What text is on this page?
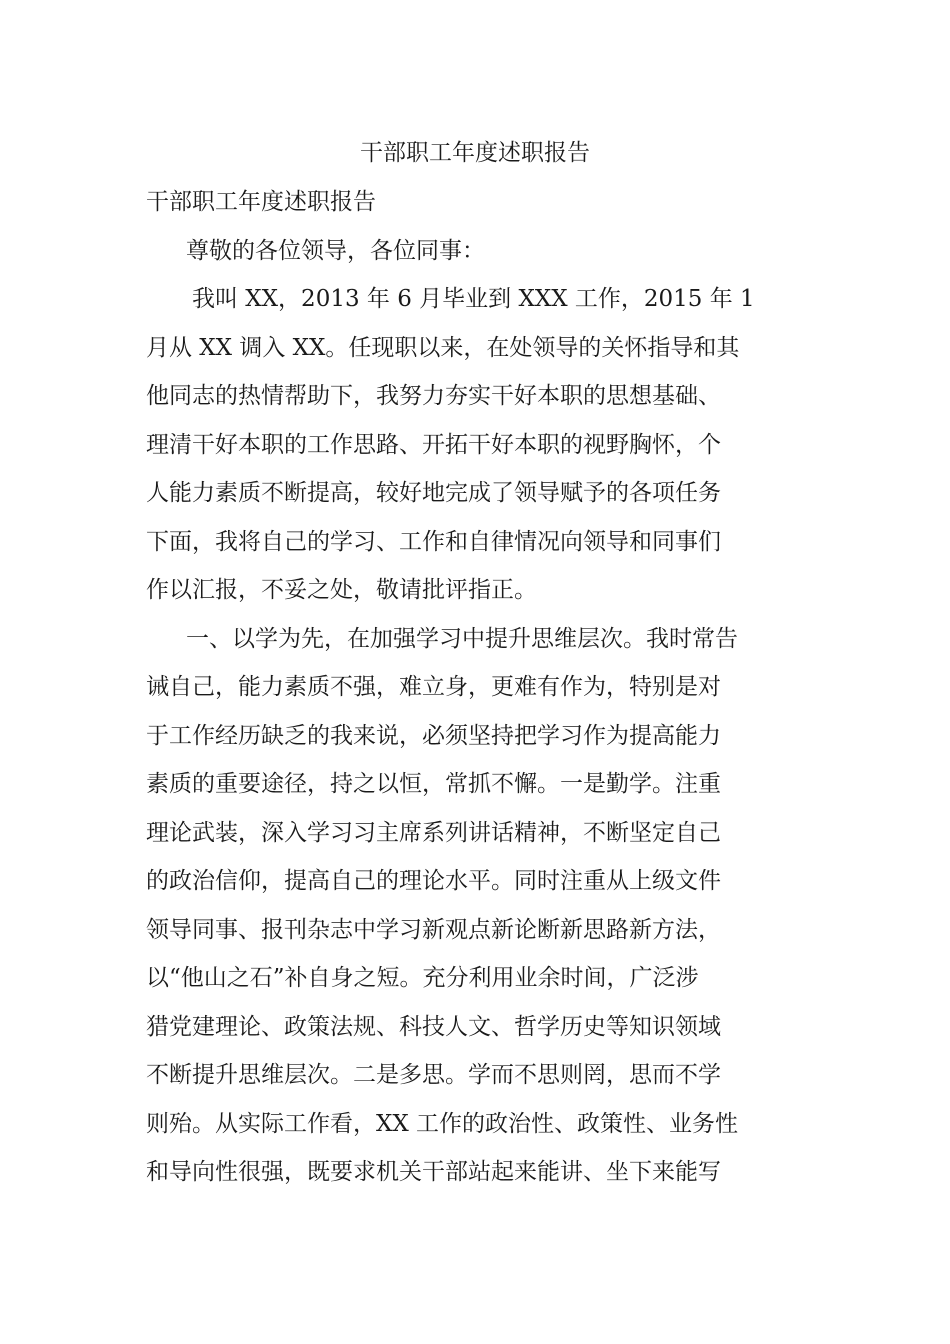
干部职工年度述职报告
干部职工年度述职报告
尊敬的各位领导，各位同事：
我叫 XX，2013 年 6 月毕业到 XXX 工作，2015 年 1
月从 XX 调入 XX。任现职以来，在处领导的关怀指导和其
他同志的热情帮助下，我努力夯实干好本职的思想基础、
理清干好本职的工作思路、开拓干好本职的视野胸怀，个
人能力素质不断提高，较好地完成了领导赋予的各项任务
下面，我将自己的学习、工作和自律情况向领导和同事们
作以汇报，不妥之处，敬请批评指正。
一、以学为先，在加强学习中提升思维层次。我时常告
诫自己，能力素质不强，难立身，更难有作为，特别是对
于工作经历缺乏的我来说，必须坚持把学习作为提高能力
素质的重要途径，持之以恒，常抓不懈。一是勤学。注重
理论武装，深入学习习主席系列讲话精神，不断坚定自己
的政治信仰，提高自己的理论水平。同时注重从上级文件
领导同事、报刊杂志中学习新观点新论断新思路新方法，
以“他山之石”补自身之短。充分利用业余时间，广泛涉
猎党建理论、政策法规、科技人文、哲学历史等知识领域
不断提升思维层次。二是多思。学而不思则罔，思而不学
则殆。从实际工作看，XX 工作的政治性、政策性、业务性
和导向性很强，既要求机关干部站起来能讲、坐下来能写
